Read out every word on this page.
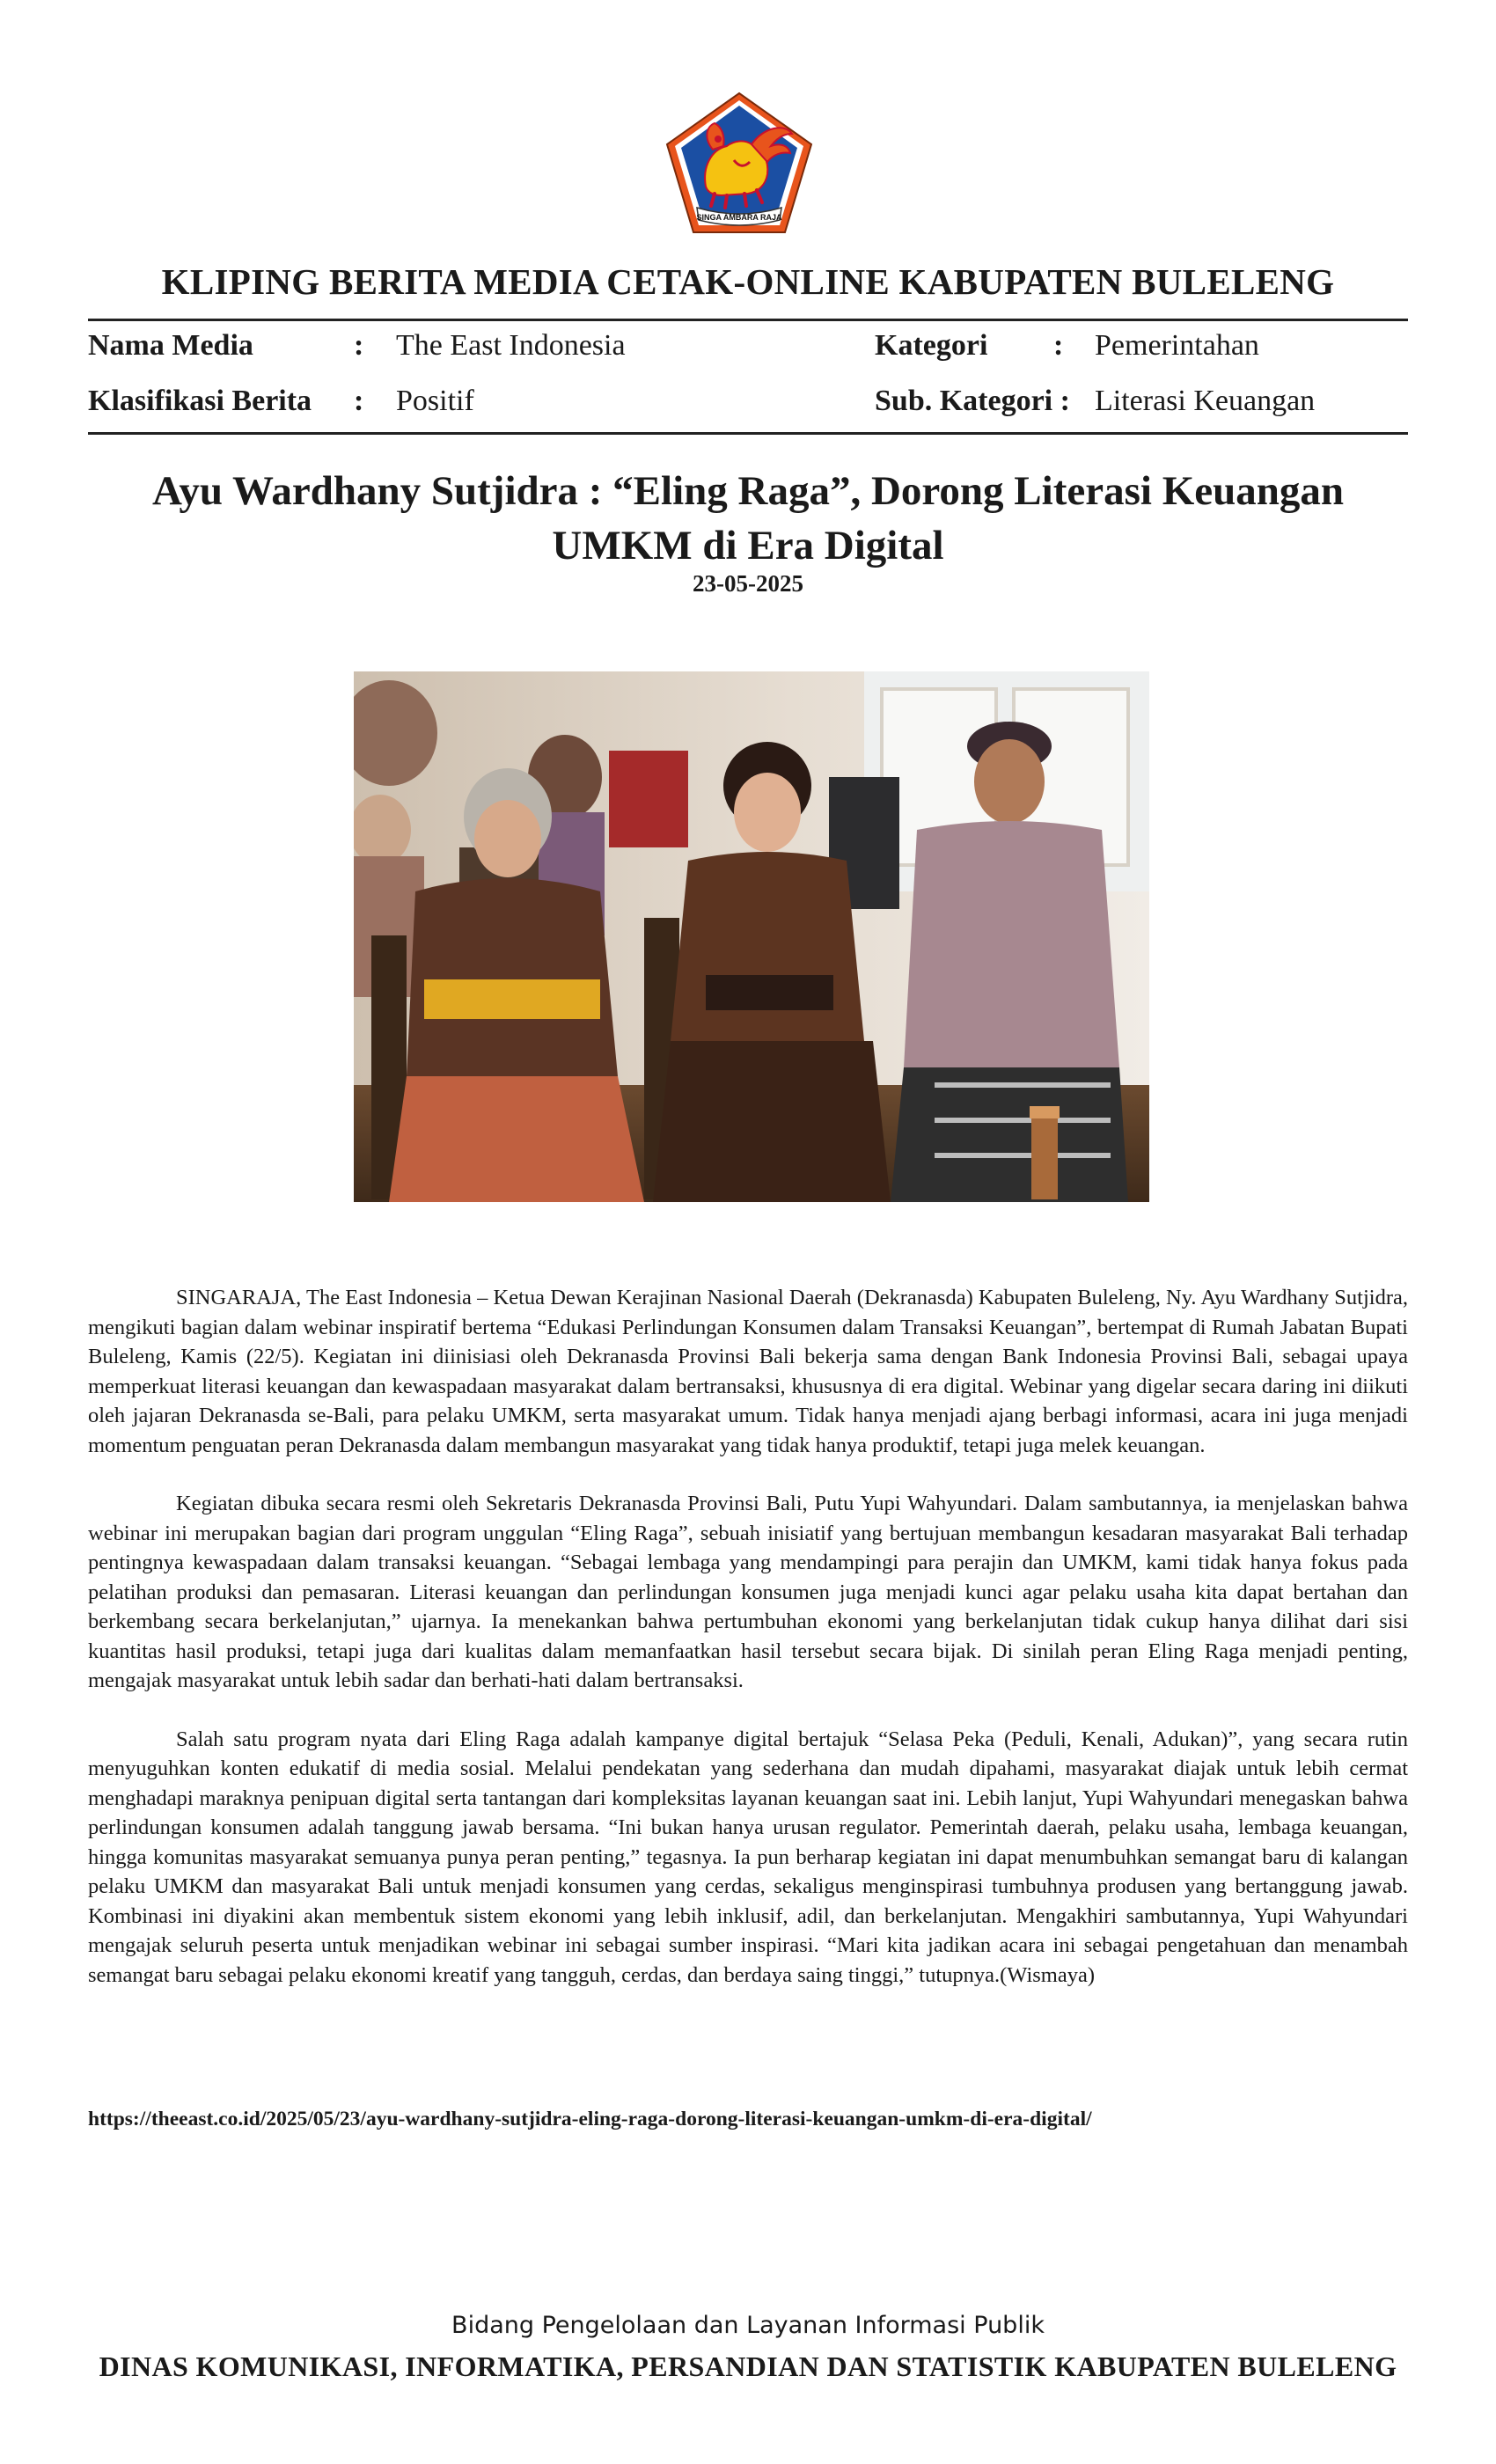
SINGA AMBARA RAJA
KLIPING BERITA MEDIA CETAK-ONLINE KABUPATEN BULELENG
Nama Media	: The East Indonesia	Kategori : Pemerintahan
Klasifikasi Berita : Positif	Sub. Kategori : Literasi Keuangan
Ayu Wardhany Sutjidra : “Eling Raga”, Dorong Literasi Keuangan
UMKM di Era Digital
23-05-2025

SINGARAJA, The East Indonesia – Ketua Dewan Kerajinan Nasional Daerah (Dekranasda) Kabupaten Buleleng, Ny. Ayu Wardhany Sutjidra, mengikuti bagian dalam webinar inspiratif bertema “Edukasi Perlindungan Konsumen dalam Transaksi Keuangan”, bertempat di Rumah Jabatan Bupati Buleleng, Kamis (22/5). Kegiatan ini diinisiasi oleh Dekranasda Provinsi Bali bekerja sama dengan Bank Indonesia Provinsi Bali, sebagai upaya memperkuat literasi keuangan dan kewaspadaan masyarakat dalam bertransaksi, khususnya di era digital. Webinar yang digelar secara daring ini diikuti oleh jajaran Dekranasda se-Bali, para pelaku UMKM, serta masyarakat umum. Tidak hanya menjadi ajang berbagi informasi, acara ini juga menjadi momentum penguatan peran Dekranasda dalam membangun masyarakat yang tidak hanya produktif, tetapi juga melek keuangan.

Kegiatan dibuka secara resmi oleh Sekretaris Dekranasda Provinsi Bali, Putu Yupi Wahyundari. Dalam sambutannya, ia menjelaskan bahwa webinar ini merupakan bagian dari program unggulan “Eling Raga”, sebuah inisiatif yang bertujuan membangun kesadaran masyarakat Bali terhadap pentingnya kewaspadaan dalam transaksi keuangan. “Sebagai lembaga yang mendampingi para perajin dan UMKM, kami tidak hanya fokus pada pelatihan produksi dan pemasaran. Literasi keuangan dan perlindungan konsumen juga menjadi kunci agar pelaku usaha kita dapat bertahan dan berkembang secara berkelanjutan,” ujarnya. Ia menekankan bahwa pertumbuhan ekonomi yang berkelanjutan tidak cukup hanya dilihat dari sisi kuantitas hasil produksi, tetapi juga dari kualitas dalam memanfaatkan hasil tersebut secara bijak. Di sinilah peran Eling Raga menjadi penting, mengajak masyarakat untuk lebih sadar dan berhati-hati dalam bertransaksi.

Salah satu program nyata dari Eling Raga adalah kampanye digital bertajuk “Selasa Peka (Peduli, Kenali, Adukan)”, yang secara rutin menyuguhkan konten edukatif di media sosial. Melalui pendekatan yang sederhana dan mudah dipahami, masyarakat diajak untuk lebih cermat menghadapi maraknya penipuan digital serta tantangan dari kompleksitas layanan keuangan saat ini. Lebih lanjut, Yupi Wahyundari menegaskan bahwa perlindungan konsumen adalah tanggung jawab bersama. “Ini bukan hanya urusan regulator. Pemerintah daerah, pelaku usaha, lembaga keuangan, hingga komunitas masyarakat semuanya punya peran penting,” tegasnya. Ia pun berharap kegiatan ini dapat menumbuhkan semangat baru di kalangan pelaku UMKM dan masyarakat Bali untuk menjadi konsumen yang cerdas, sekaligus menginspirasi tumbuhnya produsen yang bertanggung jawab. Kombinasi ini diyakini akan membentuk sistem ekonomi yang lebih inklusif, adil, dan berkelanjutan. Mengakhiri sambutannya, Yupi Wahyundari mengajak seluruh peserta untuk menjadikan webinar ini sebagai sumber inspirasi. “Mari kita jadikan acara ini sebagai pengetahuan dan menambah semangat baru sebagai pelaku ekonomi kreatif yang tangguh, cerdas, dan berdaya saing tinggi,” tutupnya.(Wismaya)

https://theeast.co.id/2025/05/23/ayu-wardhany-sutjidra-eling-raga-dorong-literasi-keuangan-umkm-di-era-digital/
Bidang Pengelolaan dan Layanan Informasi Publik
DINAS KOMUNIKASI, INFORMATIKA, PERSANDIAN DAN STATISTIK KABUPATEN BULELENG
